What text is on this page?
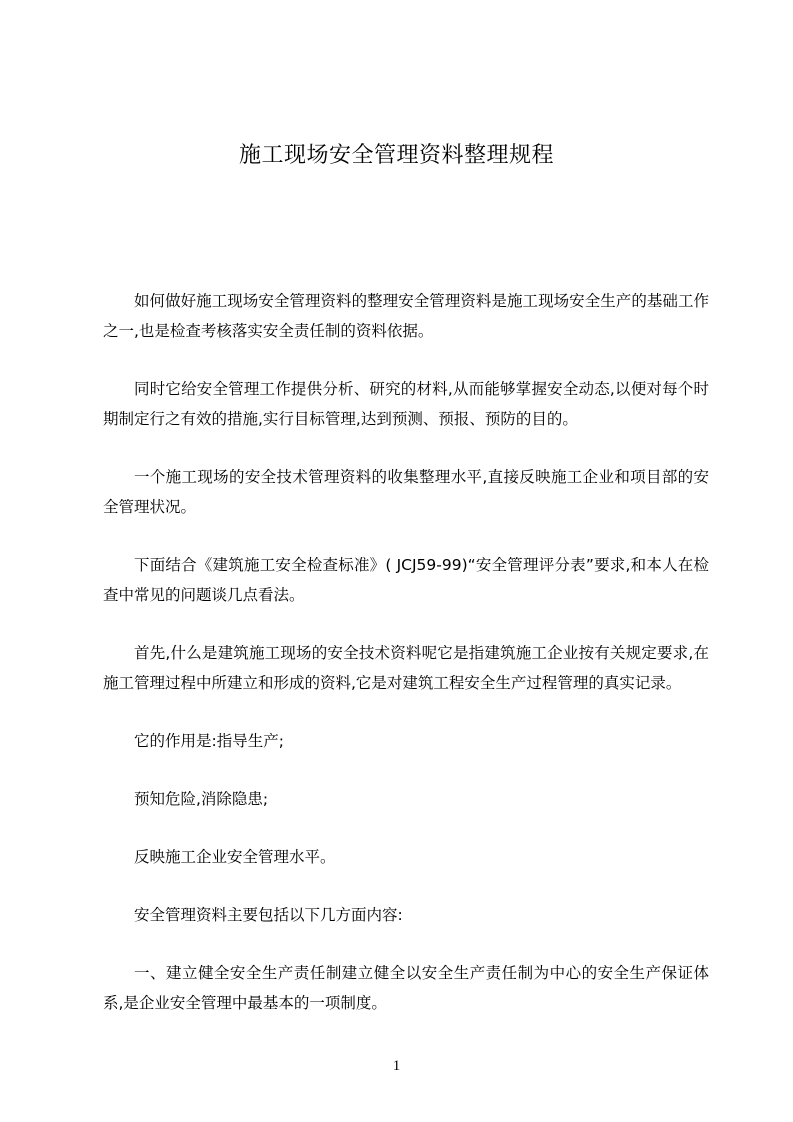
施工现场安全管理资料整理规程

如何做好施工现场安全管理资料的整理安全管理资料是施工现场安全生产的基础工作之一,也是检查考核落实安全责任制的资料依据。

同时它给安全管理工作提供分析、研究的材料,从而能够掌握安全动态,以便对每个时期制定行之有效的措施,实行目标管理,达到预测、预报、预防的目的。

一个施工现场的安全技术管理资料的收集整理水平,直接反映施工企业和项目部的安全管理状况。

下面结合《建筑施工安全检查标准》( JCJ59-99)“安全管理评分表”要求,和本人在检查中常见的问题谈几点看法。

首先,什么是建筑施工现场的安全技术资料呢它是指建筑施工企业按有关规定要求,在施工管理过程中所建立和形成的资料,它是对建筑工程安全生产过程管理的真实记录。

它的作用是:指导生产;

预知危险,消除隐患;

反映施工企业安全管理水平。

安全管理资料主要包括以下几方面内容:

一、建立健全安全生产责任制建立健全以安全生产责任制为中心的安全生产保证体系,是企业安全管理中最基本的一项制度。

1
